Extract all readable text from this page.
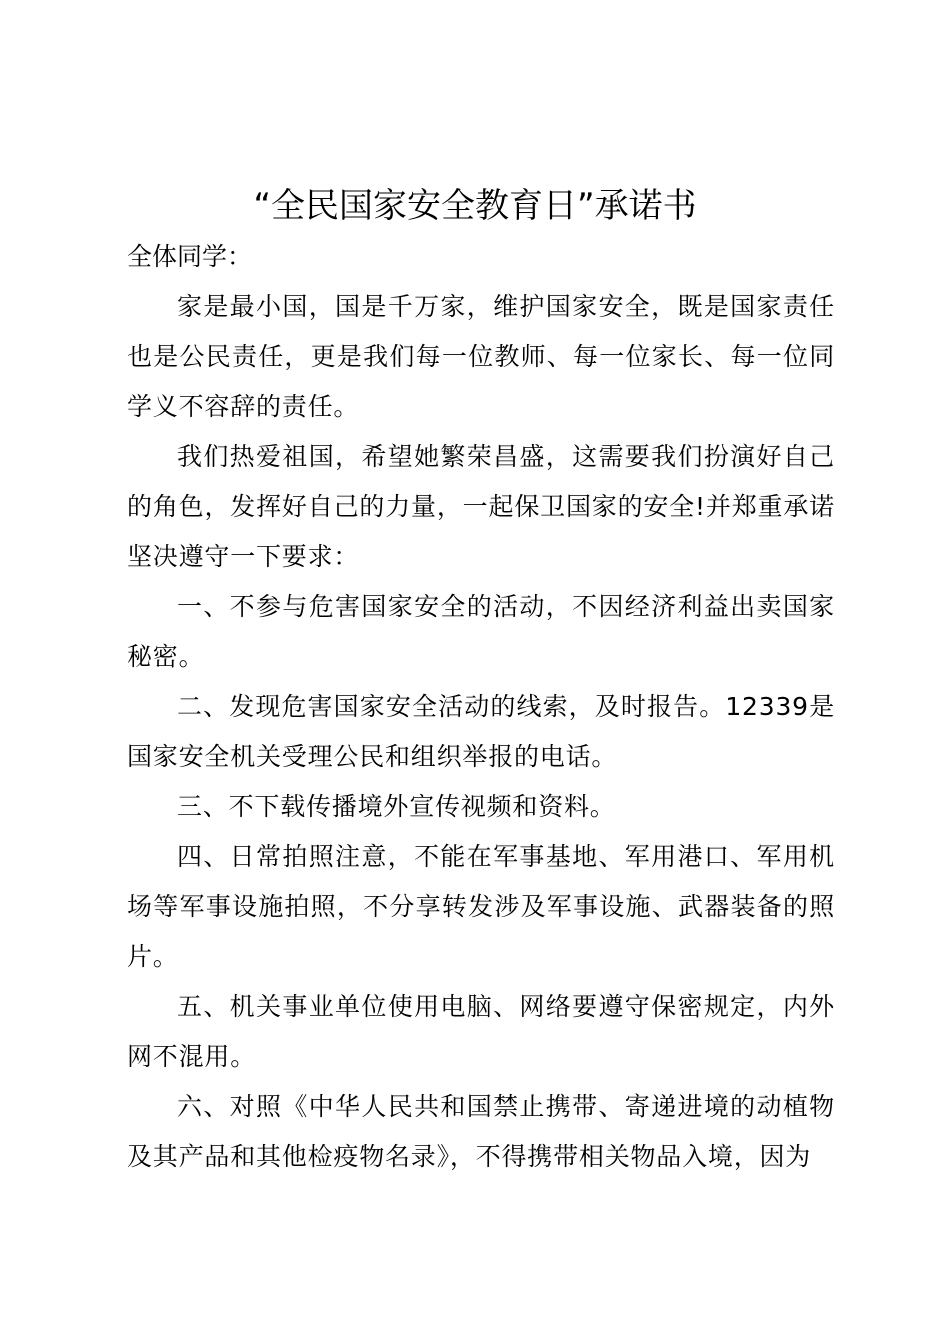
“全民国家安全教育日”承诺书

全体同学：

家是最小国，国是千万家，维护国家安全，既是国家责任也是公民责任，更是我们每一位教师、每一位家长、每一位同学义不容辞的责任。

我们热爱祖国，希望她繁荣昌盛，这需要我们扮演好自己的角色，发挥好自己的力量，一起保卫国家的安全!并郑重承诺坚决遵守一下要求：

一、不参与危害国家安全的活动，不因经济利益出卖国家秘密。

二、发现危害国家安全活动的线索，及时报告。12339是国家安全机关受理公民和组织举报的电话。

三、不下载传播境外宣传视频和资料。

四、日常拍照注意，不能在军事基地、军用港口、军用机场等军事设施拍照，不分享转发涉及军事设施、武器装备的照片。

五、机关事业单位使用电脑、网络要遵守保密规定，内外网不混用。

六、对照《中华人民共和国禁止携带、寄递进境的动植物及其产品和其他检疫物名录》，不得携带相关物品入境，因为
